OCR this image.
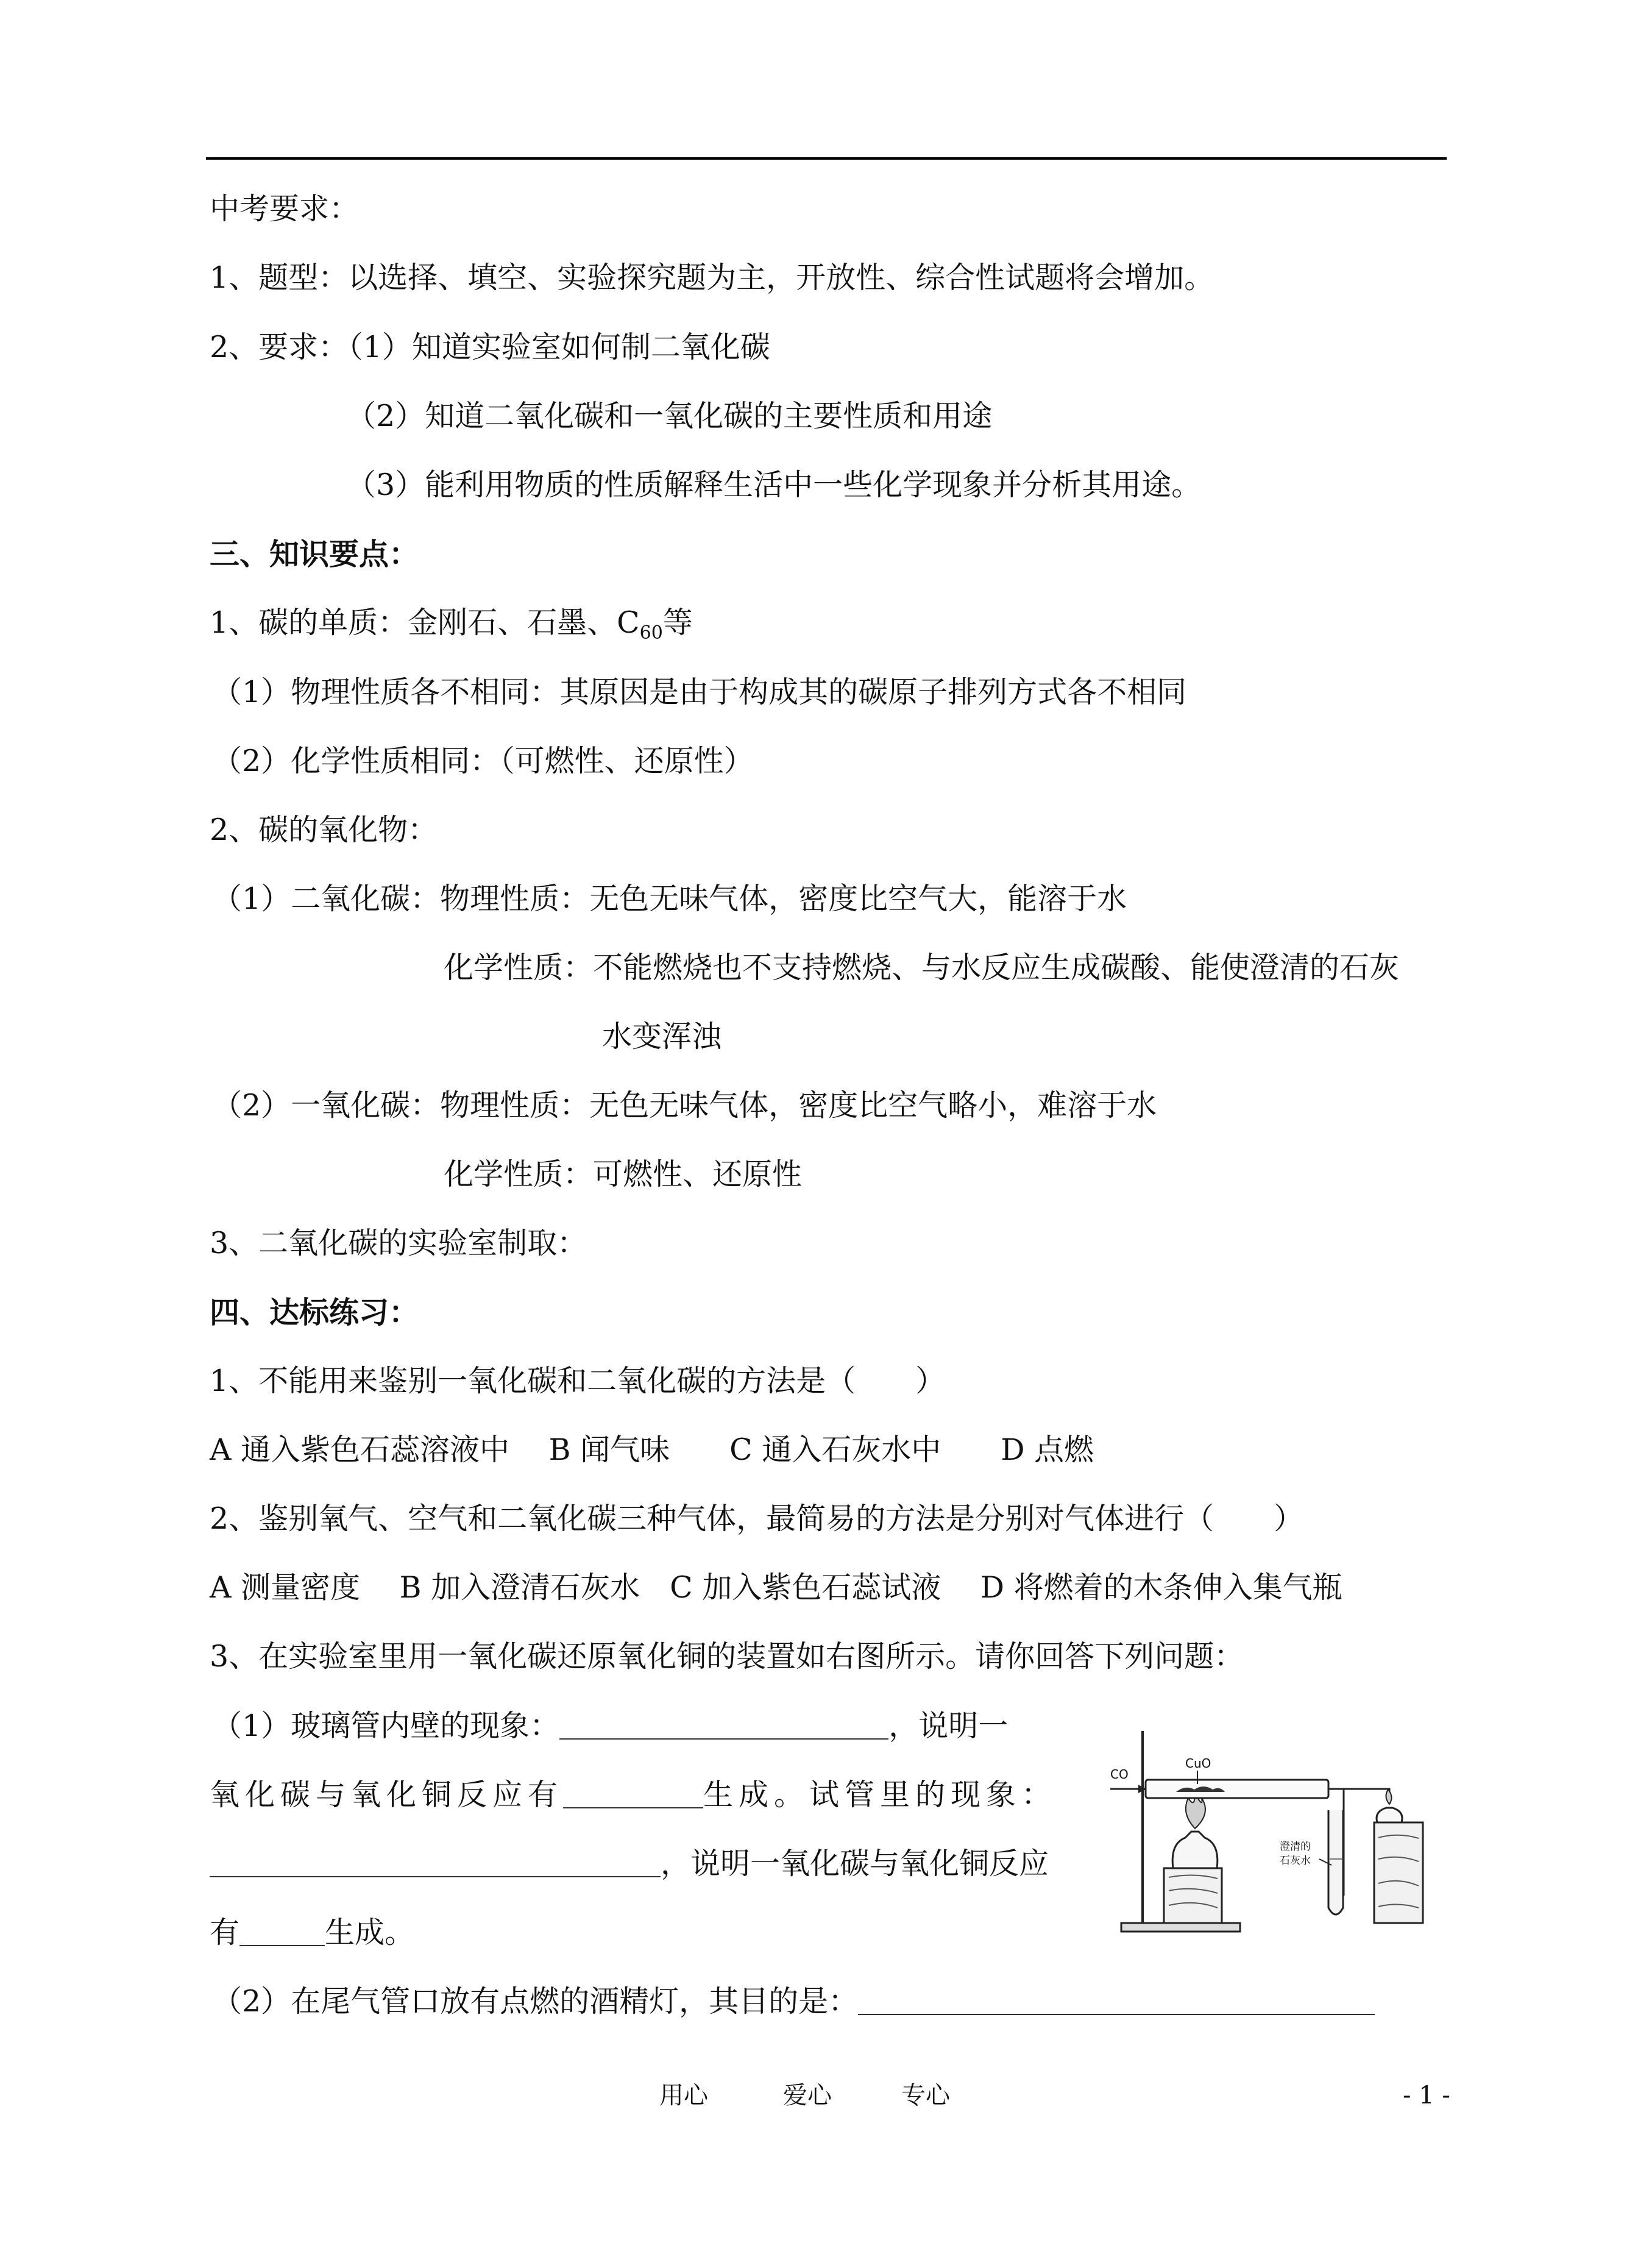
中考要求：

1、题型：以选择、填空、实验探究题为主，开放性、综合性试题将会增加。

2、要求：（1）知道实验室如何制二氧化碳

（2）知道二氧化碳和一氧化碳的主要性质和用途

（3）能利用物质的性质解释生活中一些化学现象并分析其用途。

三、知识要点：

1、碳的单质：金刚石、石墨、$C_{60}$等

（1）物理性质各不相同：其原因是由于构成其的碳原子排列方式各不相同

（2）化学性质相同：（可燃性、还原性）

2、碳的氧化物：

（1）二氧化碳：物理性质：无色无味气体，密度比空气大，能溶于水

化学性质：不能燃烧也不支持燃烧、与水反应生成碳酸、能使澄清的石灰

水变浑浊

（2）一氧化碳：物理性质：无色无味气体，密度比空气略小，难溶于水

化学性质：可燃性、还原性

3、二氧化碳的实验室制取：

四、达标练习：

1、不能用来鉴别一氧化碳和二氧化碳的方法是（　　）

A 通入紫色石蕊溶液中　 B 闻气味　　C 通入石灰水中　　D 点燃

2、鉴别氧气、空气和二氧化碳三种气体，最简易的方法是分别对气体进行（　　）

A 测量密度　 B 加入澄清石灰水　C 加入紫色石蕊试液　 D 将燃着的木条伸入集气瓶

3、在实验室里用一氧化碳还原氧化铜的装置如右图所示。请你回答下列问题：

（1）玻璃管内壁的现象：	，说明一

氧化碳与氧化铜反应有	生成。试管里的现象：

，说明一氧化碳与氧化铜反应

有	生成。

（2）在尾气管口放有点燃的酒精灯，其目的是：

CO
CuO
澄清的
石灰水
用心	爱心	专心	- 1 -
